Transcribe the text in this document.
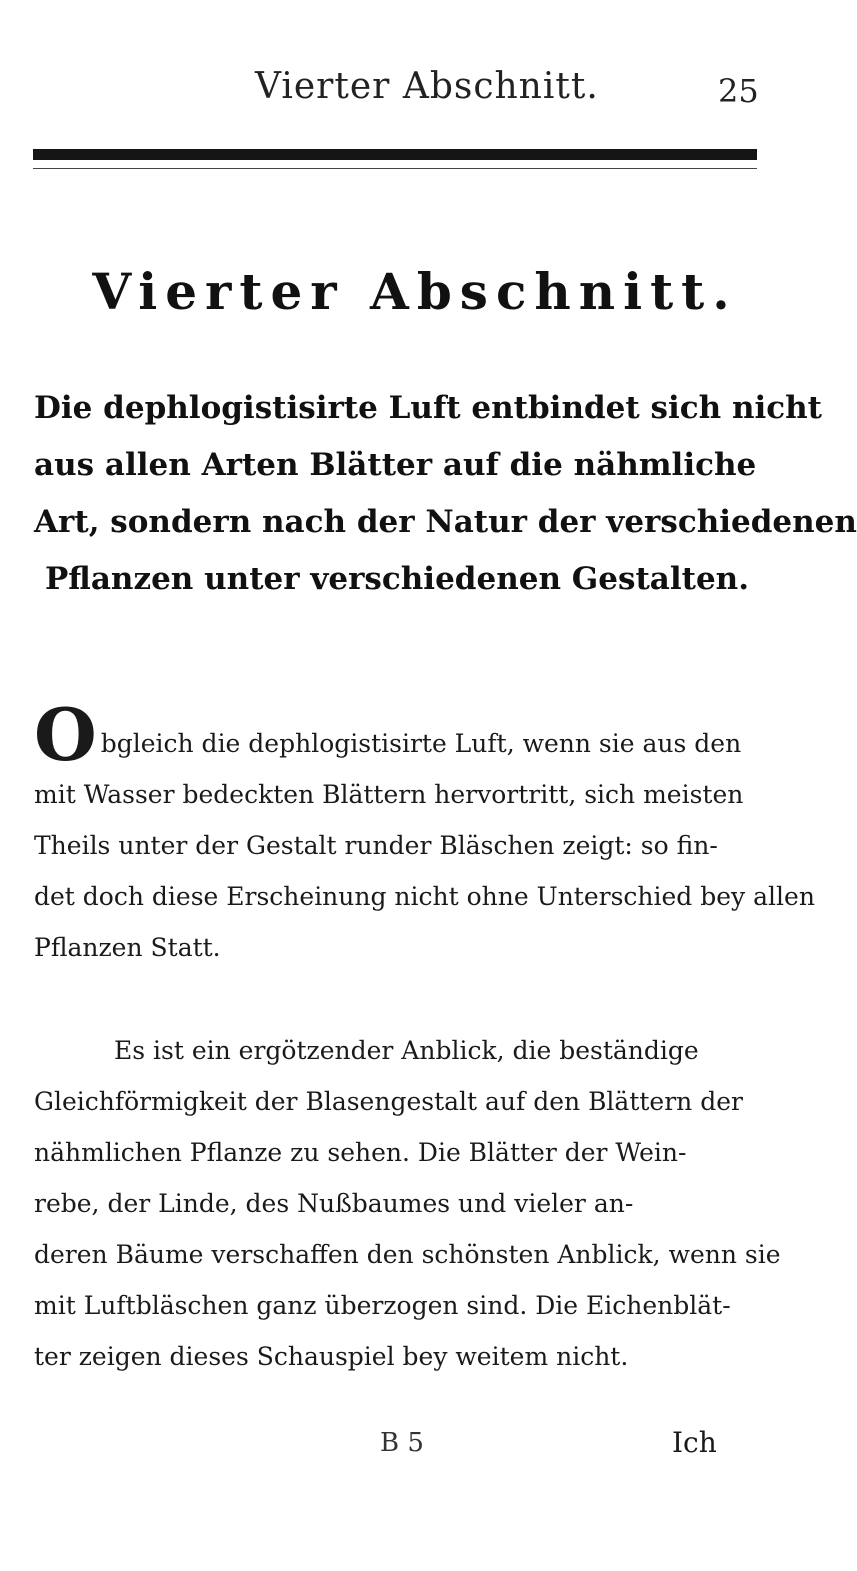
Vierter Abschnitt.	25
Vierter Abschnitt.
Die dephlogistisirte Luft entbindet sich nicht
aus allen Arten Blätter auf die nähmliche
Art, sondern nach der Natur der verschiedenen
Pflanzen unter verschiedenen Gestalten.
Obgleich die dephlogistisirte Luft, wenn sie aus den
mit Wasser bedeckten Blättern hervortritt, sich meisten
Theils unter der Gestalt runder Bläschen zeigt: so fin-
det doch diese Erscheinung nicht ohne Unterschied bey allen
Pflanzen Statt.
Es ist ein ergötzender Anblick, die beständige
Gleichförmigkeit der Blasengestalt auf den Blättern der
nähmlichen Pflanze zu sehen. Die Blätter der Wein-
rebe, der Linde, des Nußbaumes und vieler an-
deren Bäume verschaffen den schönsten Anblick, wenn sie
mit Luftbläschen ganz überzogen sind. Die Eichenblät-
ter zeigen dieses Schauspiel bey weitem nicht.
B 5	Ich
